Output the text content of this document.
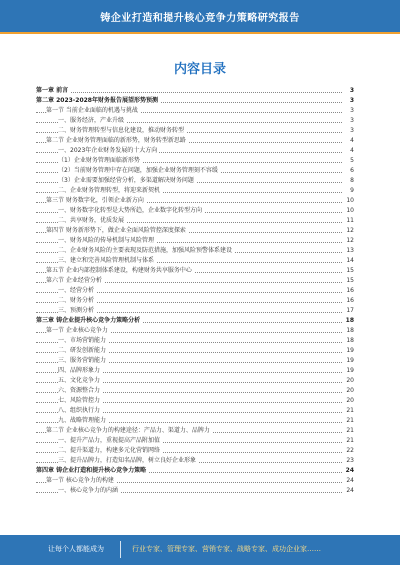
铸企业打造和提升核心竞争力策略研究报告
内容目录
第一章 前言	3
第二章 2023-2028年财务报告展望形势预测	3
第一节 当前企业面临的机遇与挑战	3
一、服务经济，产业升级	3
二、财务管理转型与信息化建设，推动财务转型	3
第二节 企业财务管理面临的新形势，财务转型新思路	4
一、2023年企业财务发展的十大方向	4
（1）企业财务管理面临新形势	5
（2）当前财务管理中存在问题，加强企业财务管理刻不容缓	6
（3）企业需要加强经营分析，多渠道解决财务问题	8
二、企业财务管理转型，将迎来新契机	9
第三节 财务数字化，引领企业新方向	10
一、财务数字化转型是大势所趋，企业数字化转型方向	10
二、共享财务，优质发展	11
第四节 财务新形势下，做企业全面风险管控深度探索	12
一、财务风险的传导机制与风险管理	12
二、企业财务风险的主要表现及防范措施，加强风险预警体系建设	13
三、建立和完善风险管理机制与体系	14
第五节 企业内部控制体系建设，构建财务共享服务中心	15
第六节 企业经营分析	15
一、经营分析	16
二、财务分析	16
三、预测分析	17
第三章 铸企业提升核心竞争力策略分析	18
第一节 企业核心竞争力	18
一、市场营销能力	18
二、研发创新能力	19
三、服务营销能力	19
四、品牌形象力	19
五、文化竞争力	20
六、资源整合力	20
七、风险管控力	20
八、组织执行力	21
九、战略管理能力	21
第二节 企业核心竞争力的构建途径：产品力、渠道力、品牌力	21
一、提升产品力，重视提高产品附加值	21
二、提升渠道力，构建多元化营销网络	22
三、提升品牌力，打造知名品牌，树立良好企业形象	23
第四章 铸企业打造和提升核心竞争力策略	24
第一节 核心竞争力的构建	24
一、核心竞争力的内涵	24
让每个人都能成为	行业专家、管理专家、营销专家、战略专家、成功企业家……
